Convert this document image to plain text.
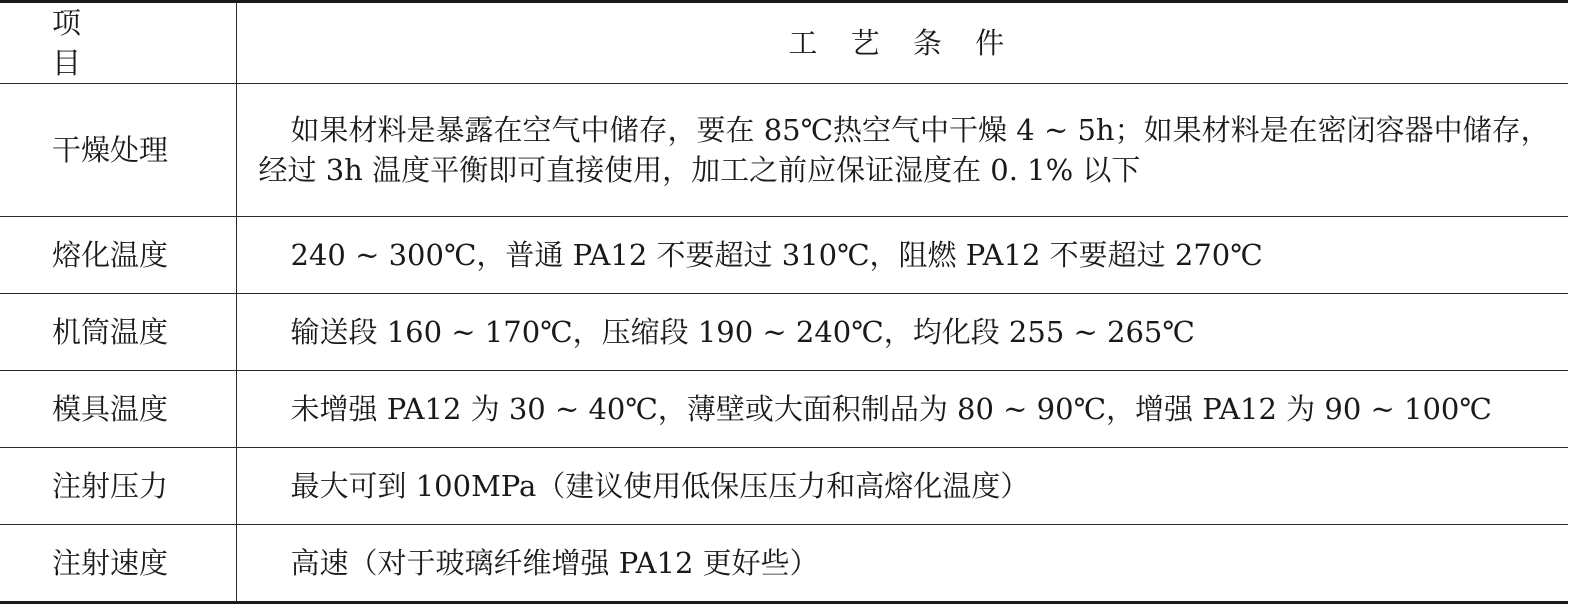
项 目	工 艺 条 件
干燥处理	如果材料是暴露在空气中储存，要在 85℃热空气中干燥 4 ~ 5h；如果材料是在密闭容器中储存，经过 3h 温度平衡即可直接使用，加工之前应保证湿度在 0. 1% 以下
熔化温度	240 ~ 300℃，普通 PA12 不要超过 310℃，阻燃 PA12 不要超过 270℃
机筒温度	输送段 160 ~ 170℃，压缩段 190 ~ 240℃，均化段 255 ~ 265℃
模具温度	未增强 PA12 为 30 ~ 40℃，薄壁或大面积制品为 80 ~ 90℃，增强 PA12 为 90 ~ 100℃
注射压力	最大可到 100MPa（建议使用低保压压力和高熔化温度）
注射速度	高速（对于玻璃纤维增强 PA12 更好些）
